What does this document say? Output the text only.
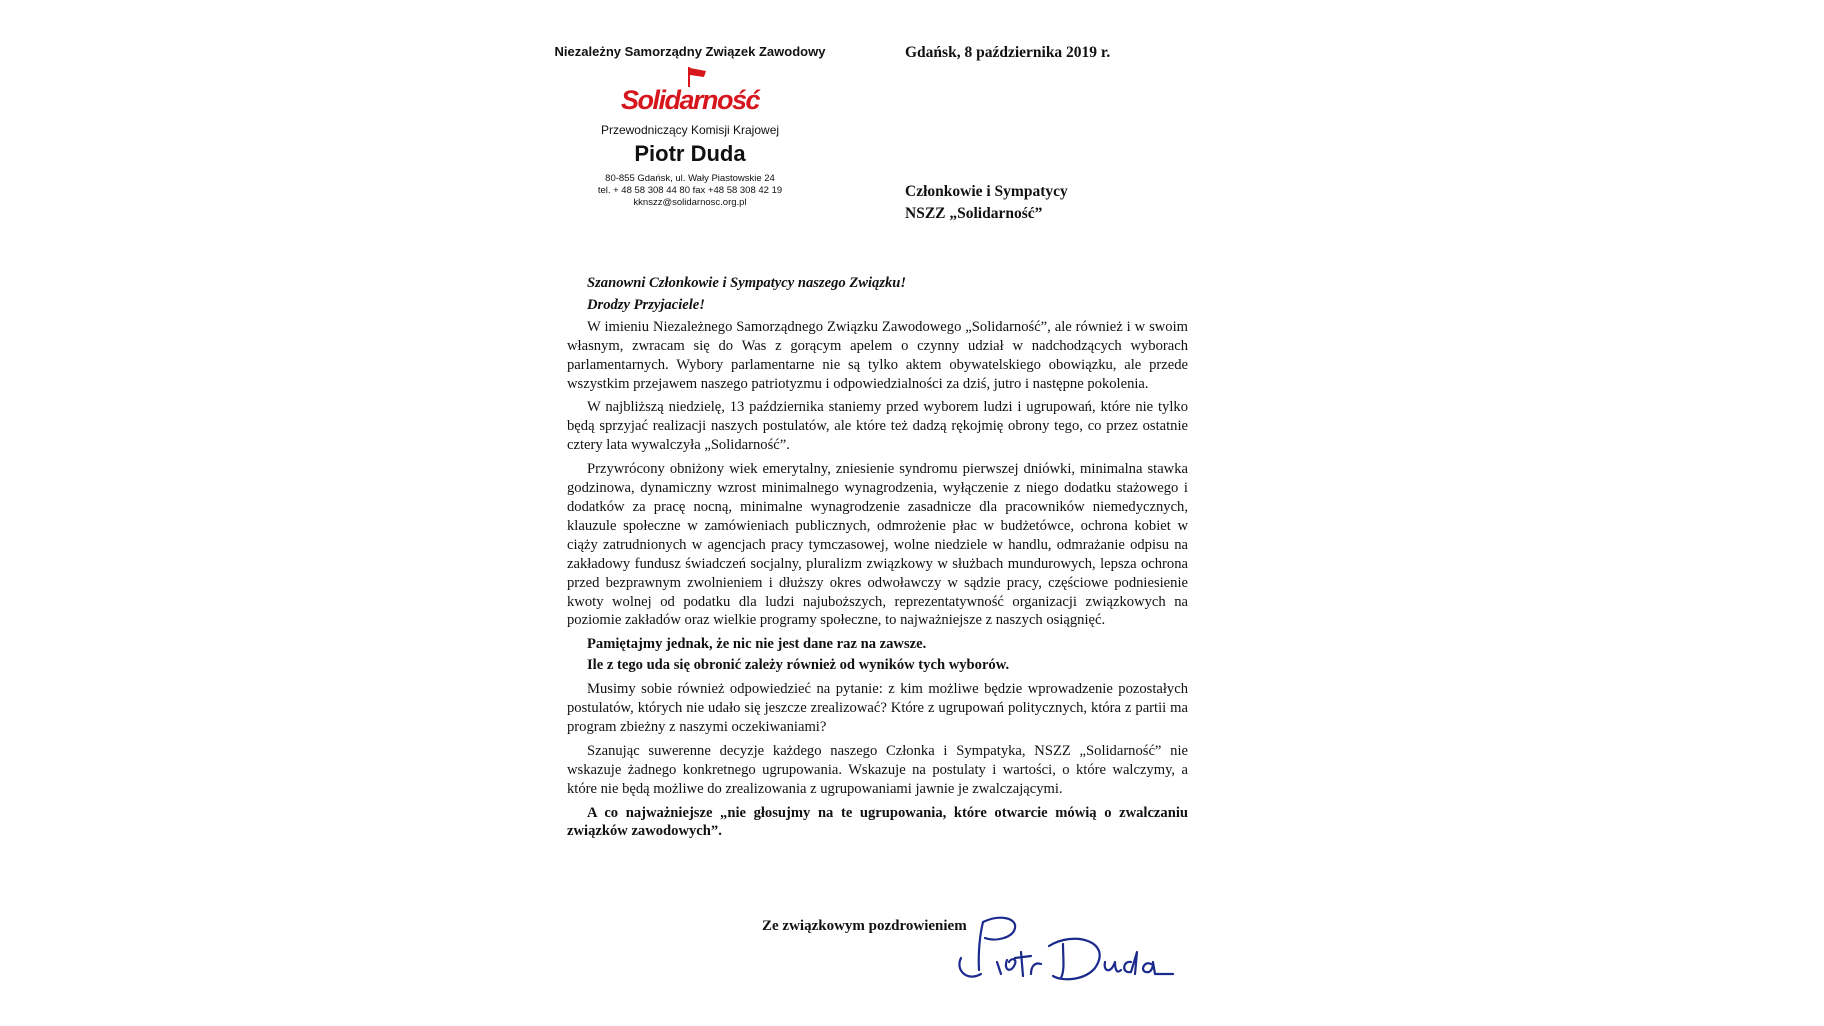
Niezależny Samorządny Związek Zawodowy

Solidarność

Przewodniczący Komisji Krajowej

Piotr Duda

80-855 Gdańsk, ul. Wały Piastowskie 24

tel. + 48 58 308 44 80 fax +48 58 308 42 19

kknszz@solidarnosc.org.pl

Gdańsk, 8 października 2019 r.
Członkowie i Sympatycy
NSZZ „Solidarność”

Szanowni Członkowie i Sympatycy naszego Związku!

Drodzy Przyjaciele!

W imieniu Niezależnego Samorządnego Związku Zawodowego „Solidarność”, ale również i w swoim własnym, zwracam się do Was z gorącym apelem o czynny udział w nadchodzących wyborach parlamentarnych. Wybory parlamentarne nie są tylko aktem obywatelskiego obowiązku, ale przede wszystkim przejawem naszego patriotyzmu i odpowiedzialności za dziś, jutro i następne pokolenia.

W najbliższą niedzielę, 13 października staniemy przed wyborem ludzi i ugrupowań, które nie tylko będą sprzyjać realizacji naszych postulatów, ale które też dadzą rękojmię obrony tego, co przez ostatnie cztery lata wywalczyła „Solidarność”.

Przywrócony obniżony wiek emerytalny, zniesienie syndromu pierwszej dniówki, minimalna stawka godzinowa, dynamiczny wzrost minimalnego wynagrodzenia, wyłączenie z niego dodatku stażowego i dodatków za pracę nocną, minimalne wynagrodzenie zasadnicze dla pracowników niemedycznych, klauzule społeczne w zamówieniach publicznych, odmrożenie płac w budżetówce, ochrona kobiet w ciąży zatrudnionych w agencjach pracy tymczasowej, wolne niedziele w handlu, odmrażanie odpisu na zakładowy fundusz świadczeń socjalny, pluralizm związkowy w służbach mundurowych, lepsza ochrona przed bezprawnym zwolnieniem i dłuższy okres odwoławczy w sądzie pracy, częściowe podniesienie kwoty wolnej od podatku dla ludzi najuboższych, reprezentatywność organizacji związkowych na poziomie zakładów oraz wielkie programy społeczne, to najważniejsze z naszych osiągnięć.

Pamiętajmy jednak, że nic nie jest dane raz na zawsze.

Ile z tego uda się obronić zależy również od wyników tych wyborów.

Musimy sobie również odpowiedzieć na pytanie: z kim możliwe będzie wprowadzenie pozostałych postulatów, których nie udało się jeszcze zrealizować? Które z ugrupowań politycznych, która z partii ma program zbieżny z naszymi oczekiwaniami?

Szanując suwerenne decyzje każdego naszego Członka i Sympatyka, NSZZ „Solidarność” nie wskazuje żadnego konkretnego ugrupowania. Wskazuje na postulaty i wartości, o które walczymy, a które nie będą możliwe do zrealizowania z ugrupowaniami jawnie je zwalczającymi.

A co najważniejsze „nie głosujmy na te ugrupowania, które otwarcie mówią o zwalczaniu związków zawodowych”.

Ze związkowym pozdrowieniem
